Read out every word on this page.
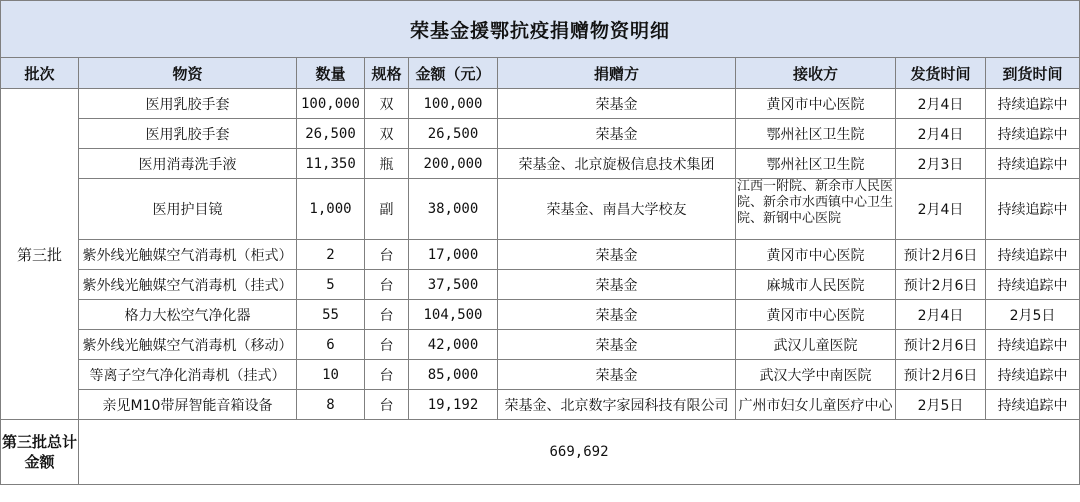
荣基金援鄂抗疫捐赠物资明细								
批次	物资	数量	规格	金额（元）	捐赠方	接收方	发货时间	到货时间
第三批	医用乳胶手套	100,000	双	100,000	荣基金	黄冈市中心医院	2月4日	持续追踪中
	医用乳胶手套	26,500	双	26,500	荣基金	鄂州社区卫生院	2月4日	持续追踪中
	医用消毒洗手液	11,350	瓶	200,000	荣基金、北京旋极信息技术集团	鄂州社区卫生院	2月3日	持续追踪中
	医用护目镜	1,000	副	38,000	荣基金、南昌大学校友	江西一附院、新余市人民医院、新余市水西镇中心卫生院、新钢中心医院	2月4日	持续追踪中
	紫外线光触媒空气消毒机（柜式）	2	台	17,000	荣基金	黄冈市中心医院	预计2月6日	持续追踪中
	紫外线光触媒空气消毒机（挂式）	5	台	37,500	荣基金	麻城市人民医院	预计2月6日	持续追踪中
	格力大松空气净化器	55	台	104,500	荣基金	黄冈市中心医院	2月4日	2月5日
	紫外线光触媒空气消毒机（移动）	6	台	42,000	荣基金	武汉儿童医院	预计2月6日	持续追踪中
	等离子空气净化消毒机（挂式）	10	台	85,000	荣基金	武汉大学中南医院	预计2月6日	持续追踪中
	亲见M10带屏智能音箱设备	8	台	19,192	荣基金、北京数字家园科技有限公司	广州市妇女儿童医疗中心	2月5日	持续追踪中
第三批总计金额	669,692							
